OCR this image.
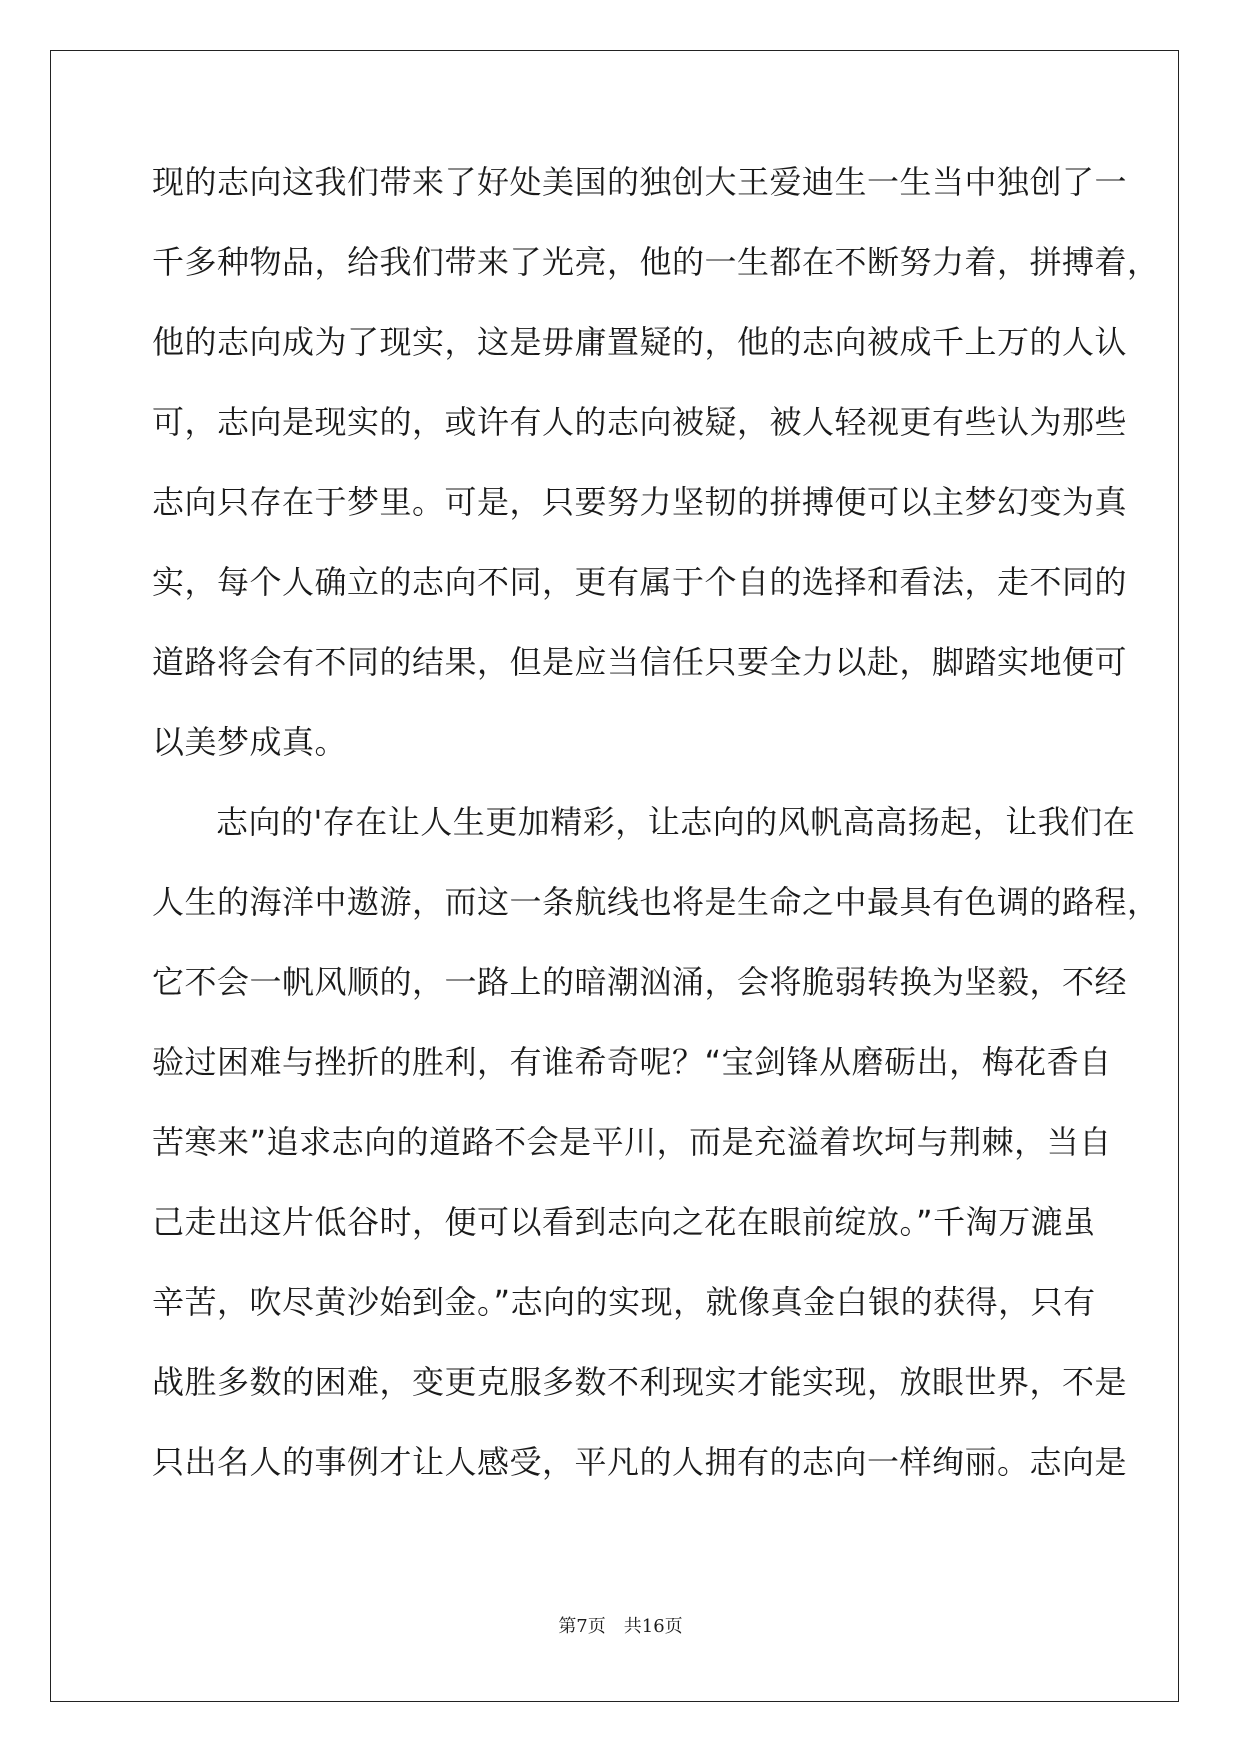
现的志向这我们带来了好处美国的独创大王爱迪生一生当中独创了一
千多种物品，给我们带来了光亮，他的一生都在不断努力着，拼搏着，
他的志向成为了现实，这是毋庸置疑的，他的志向被成千上万的人认
可，志向是现实的，或许有人的志向被疑，被人轻视更有些认为那些
志向只存在于梦里。可是，只要努力坚韧的拼搏便可以主梦幻变为真
实，每个人确立的志向不同，更有属于个自的选择和看法，走不同的
道路将会有不同的结果，但是应当信任只要全力以赴，脚踏实地便可
以美梦成真。
志向的'存在让人生更加精彩，让志向的风帆高高扬起，让我们在
人生的海洋中遨游，而这一条航线也将是生命之中最具有色调的路程，
它不会一帆风顺的，一路上的暗潮汹涌，会将脆弱转换为坚毅，不经
验过困难与挫折的胜利，有谁希奇呢？“宝剑锋从磨砺出，梅花香自
苦寒来”追求志向的道路不会是平川，而是充溢着坎坷与荆棘，当自
己走出这片低谷时，便可以看到志向之花在眼前绽放。”千淘万漉虽
辛苦，吹尽黄沙始到金。”志向的实现，就像真金白银的获得，只有
战胜多数的困难，变更克服多数不利现实才能实现，放眼世界，不是
只出名人的事例才让人感受，平凡的人拥有的志向一样绚丽。志向是
第7页 共16页
